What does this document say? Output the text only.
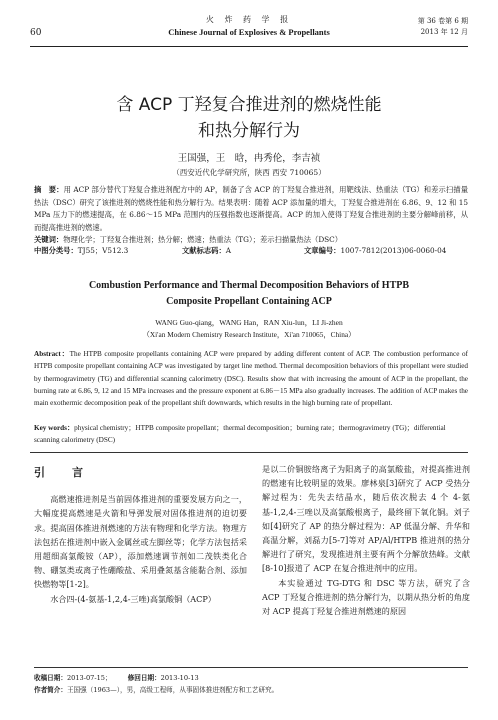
60
火 炸 药 学 报
Chinese Journal of Explosives & Propellants
第 36 卷第 6 期
2013 年 12 月
含 ACP 丁羟复合推进剂的燃烧性能
和热分解行为
王国强，王　晗，冉秀伦，李吉祯
（西安近代化学研究所，陕西 西安 710065）
摘　要：用 ACP 部分替代丁羟复合推进剂配方中的 AP，制备了含 ACP 的丁羟复合推进剂，用靶线法、热重法（TG）和差示扫描量热法（DSC）研究了该推进剂的燃烧性能和热分解行为。结果表明：随着 ACP 添加量的增大，丁羟复合推进剂在 6.86、9、12 和 15 MPa 压力下的燃速提高，在 6.86～15 MPa 范围内的压强指数也逐渐提高。ACP 的加入使得丁羟复合推进剂的主要分解峰前移，从而提高推进剂的燃速。
关键词：物理化学；丁羟复合推进剂；热分解；燃速；热重法（TG）；差示扫描量热法（DSC）
中图分类号：TJ55；V512.3	文献标志码：A	文章编号：1007-7812(2013)06-0060-04
Combustion Performance and Thermal Decomposition Behaviors of HTPB
Composite Propellant Containing ACP
WANG Guo-qiang，WANG Han，RAN Xiu-lun，LI Ji-zhen
（Xi'an Modern Chemistry Research Institute，Xi'an 710065，China）
Abstract：The HTPB composite propellants containing ACP were prepared by adding different content of ACP. The combustion performance of HTPB composite propellant containing ACP was investigated by target line method. Thermal decomposition behaviors of this propellant were studied by thermogravimetry (TG) and differential scanning calorimetry (DSC). Results show that with increasing the amount of ACP in the propellant, the burning rate at 6.86, 9, 12 and 15 MPa increases and the pressure exponent at 6.86－15 MPa also gradually increases. The addition of ACP makes the main exothermic decomposition peak of the propellant shift downwards, which results in the high burning rate of propellant.
Key words：physical chemistry；HTPB composite propellant；thermal decomposition；burning rate；thermogravimetry (TG)；differential scanning calorimetry (DSC)
引　言

高燃速推进剂是当前固体推进剂的重要发展方向之一，大幅度提高燃速是火箭和导弹发展对固体推进剂的迫切要求。提高固体推进剂燃速的方法有物理和化学方法。物理方法包括在推进剂中嵌入金属丝或左脚丝等；化学方法包括采用超细高氯酸铵（AP），添加燃速调节剂如二茂铁类化合物、硼氢类或离子性硼酸盐、采用叠氮基含能黏合剂、添加快燃物等[1-2]。

水合四-(4-氨基-1,2,4-三唑)高氯酸铜（ACP）

是以二价铜胺络离子为阳离子的高氯酸盐，对提高推进剂的燃速有比较明显的效果。廖林泉[3]研究了 ACP 受热分解过程为：先失去结晶水，随后依次脱去 4 个 4-氨基-1,2,4-三唑以及高氯酸根离子，最终留下氧化铜。刘子如[4]研究了 AP 的热分解过程为：AP 低温分解、升华和高温分解，刘磊力[5-7]等对 AP/Al/HTPB 推进剂的热分解进行了研究，发现推进剂主要有两个分解放热峰。文献[8-10]报道了 ACP 在复合推进剂中的应用。

本实验通过 TG-DTG 和 DSC 等方法，研究了含 ACP 丁羟复合推进剂的热分解行为，以期从热分析的角度对 ACP 提高丁羟复合推进剂燃速的原因

收稿日期：2013-07-15； 修回日期：2013-10-13
作者简介：王国强（1963—），男，高级工程师，从事固体推进剂配方和工艺研究。
